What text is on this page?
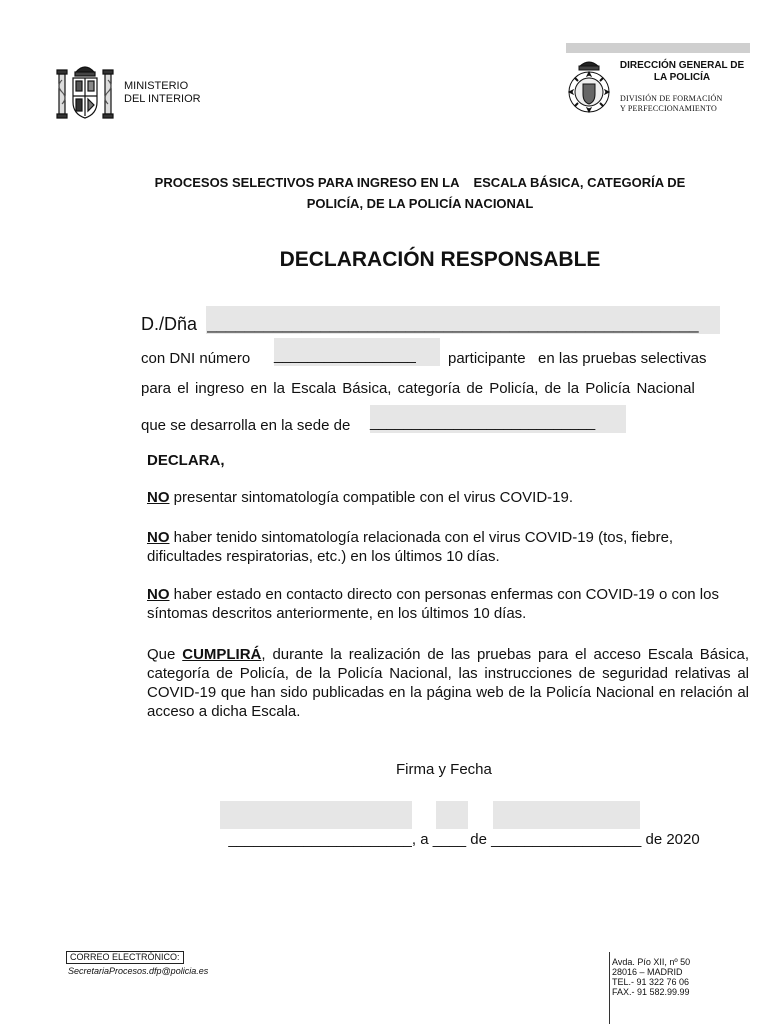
MINISTERIO
DEL INTERIOR
DIRECCIÓN GENERAL DE
LA POLICÍA
DIVISIÓN DE FORMACIÓN
Y PERFECCIONAMIENTO
PROCESOS SELECTIVOS PARA INGRESO EN LA    ESCALA BÁSICA, CATEGORÍA DE
POLICÍA, DE LA POLICÍA NACIONAL
DECLARACIÓN RESPONSABLE
D./Dña ____________________________________________________
con DNI número _________________ participante   en las pruebas selectivas
para el ingreso en la Escala Básica, categoría de Policía, de la Policía Nacional
que se desarrolla en la sede de ___________________________
DECLARA,
NO presentar sintomatología compatible con el virus COVID-19.
NO haber tenido sintomatología relacionada con el virus COVID-19 (tos, fiebre, dificultades respiratorias, etc.) en los últimos 10 días.
NO haber estado en contacto directo con personas enfermas con COVID-19 o con los síntomas descritos anteriormente, en los últimos 10 días.
Que CUMPLIRÁ, durante la realización de las pruebas para el acceso Escala Básica, categoría de Policía, de la Policía Nacional, las instrucciones de seguridad relativas al COVID-19 que han sido publicadas en la página web de la Policía Nacional en relación al acceso a dicha Escala.
Firma y Fecha

______________________, a ____ de __________________ de 2020

CORREO ELECTRÓNICO:
SecretariaProcesos.dfp@policia.es
Avda. Pío XII, nº 50
28016 – MADRID
TEL.- 91 322 76 06
FAX.- 91 582.99.99
